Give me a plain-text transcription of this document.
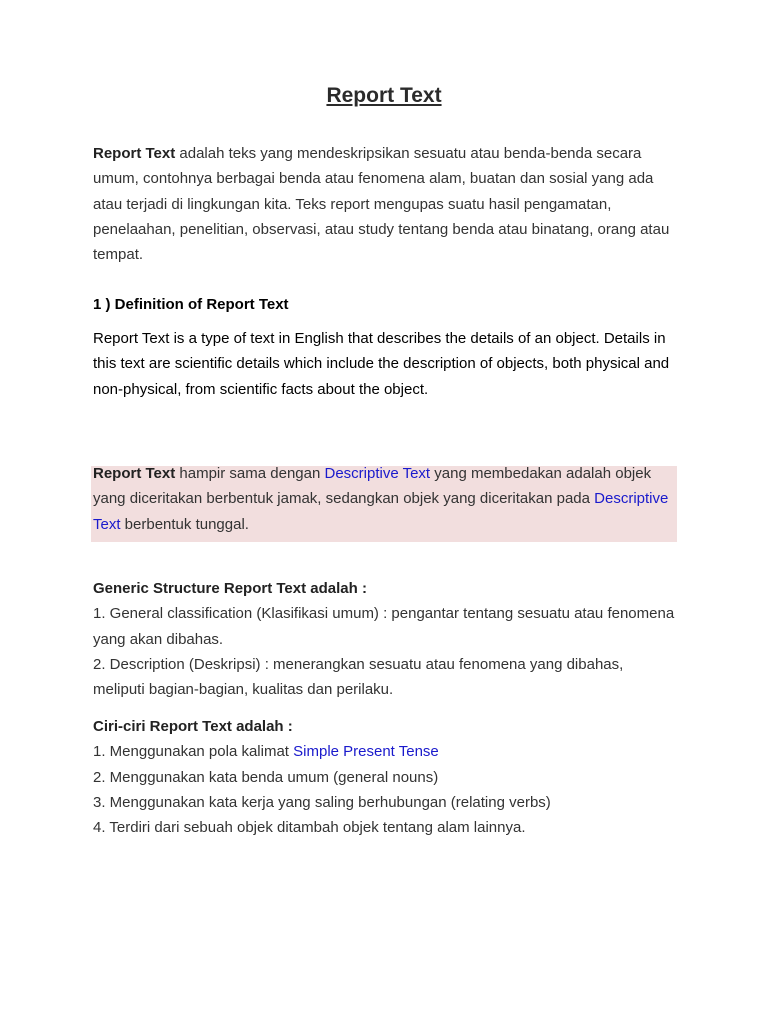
Report Text

Report Text adalah teks yang mendeskripsikan sesuatu atau benda-benda secara umum, contohnya berbagai benda atau fenomena alam, buatan dan sosial yang ada atau terjadi di lingkungan kita. Teks report mengupas suatu hasil pengamatan, penelaahan, penelitian, observasi, atau study tentang benda atau binatang, orang atau tempat.

1 ) Definition of Report Text

Report Text is a type of text in English that describes the details of an object. Details in this text are scientific details which include the description of objects, both physical and non-physical, from scientific facts about the object.

Report Text hampir sama dengan Descriptive Text yang membedakan adalah objek yang diceritakan berbentuk jamak, sedangkan objek yang diceritakan pada Descriptive Text berbentuk tunggal.

Generic Structure Report Text adalah :
1. General classification (Klasifikasi umum) : pengantar tentang sesuatu atau fenomena yang akan dibahas.
2. Description (Deskripsi) : menerangkan sesuatu atau fenomena yang dibahas, meliputi bagian-bagian, kualitas dan perilaku.
Ciri-ciri Report Text adalah :
1. Menggunakan pola kalimat Simple Present Tense
2. Menggunakan kata benda umum (general nouns)
3. Menggunakan kata kerja yang saling berhubungan (relating verbs)
4. Terdiri dari sebuah objek ditambah objek tentang alam lainnya.
